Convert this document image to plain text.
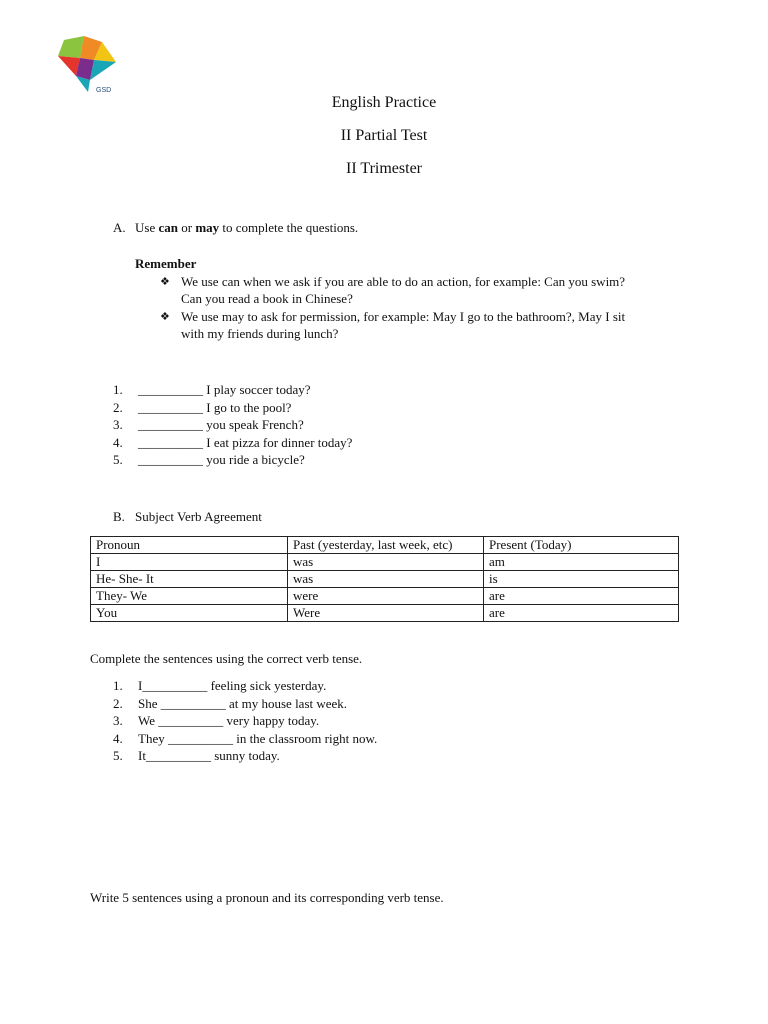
GSD
English Practice
II Partial Test
II Trimester
A. Use can or may to complete the questions.
Remember
❖ We use can when we ask if you are able to do an action, for example: Can you swim?
Can you read a book in Chinese?
❖ We use may to ask for permission, for example: May I go to the bathroom?, May I sit
with my friends during lunch?
1.	__________ I play soccer today?
2.	__________ I go to the pool?
3.	__________ you speak French?
4.	__________ I eat pizza for dinner today?
5.	__________ you ride a bicycle?
B. Subject Verb Agreement
Pronoun	Past (yesterday, last week, etc)	Present (Today)
I	was	am
He- She- It	was	is
They- We	were	are
You	Were	are
Complete the sentences using the correct verb tense.
1.	I__________ feeling sick yesterday.
2.	She __________ at my house last week.
3.	We __________ very happy today.
4.	They __________ in the classroom right now.
5.	It__________ sunny today.
Write 5 sentences using a pronoun and its corresponding verb tense.
